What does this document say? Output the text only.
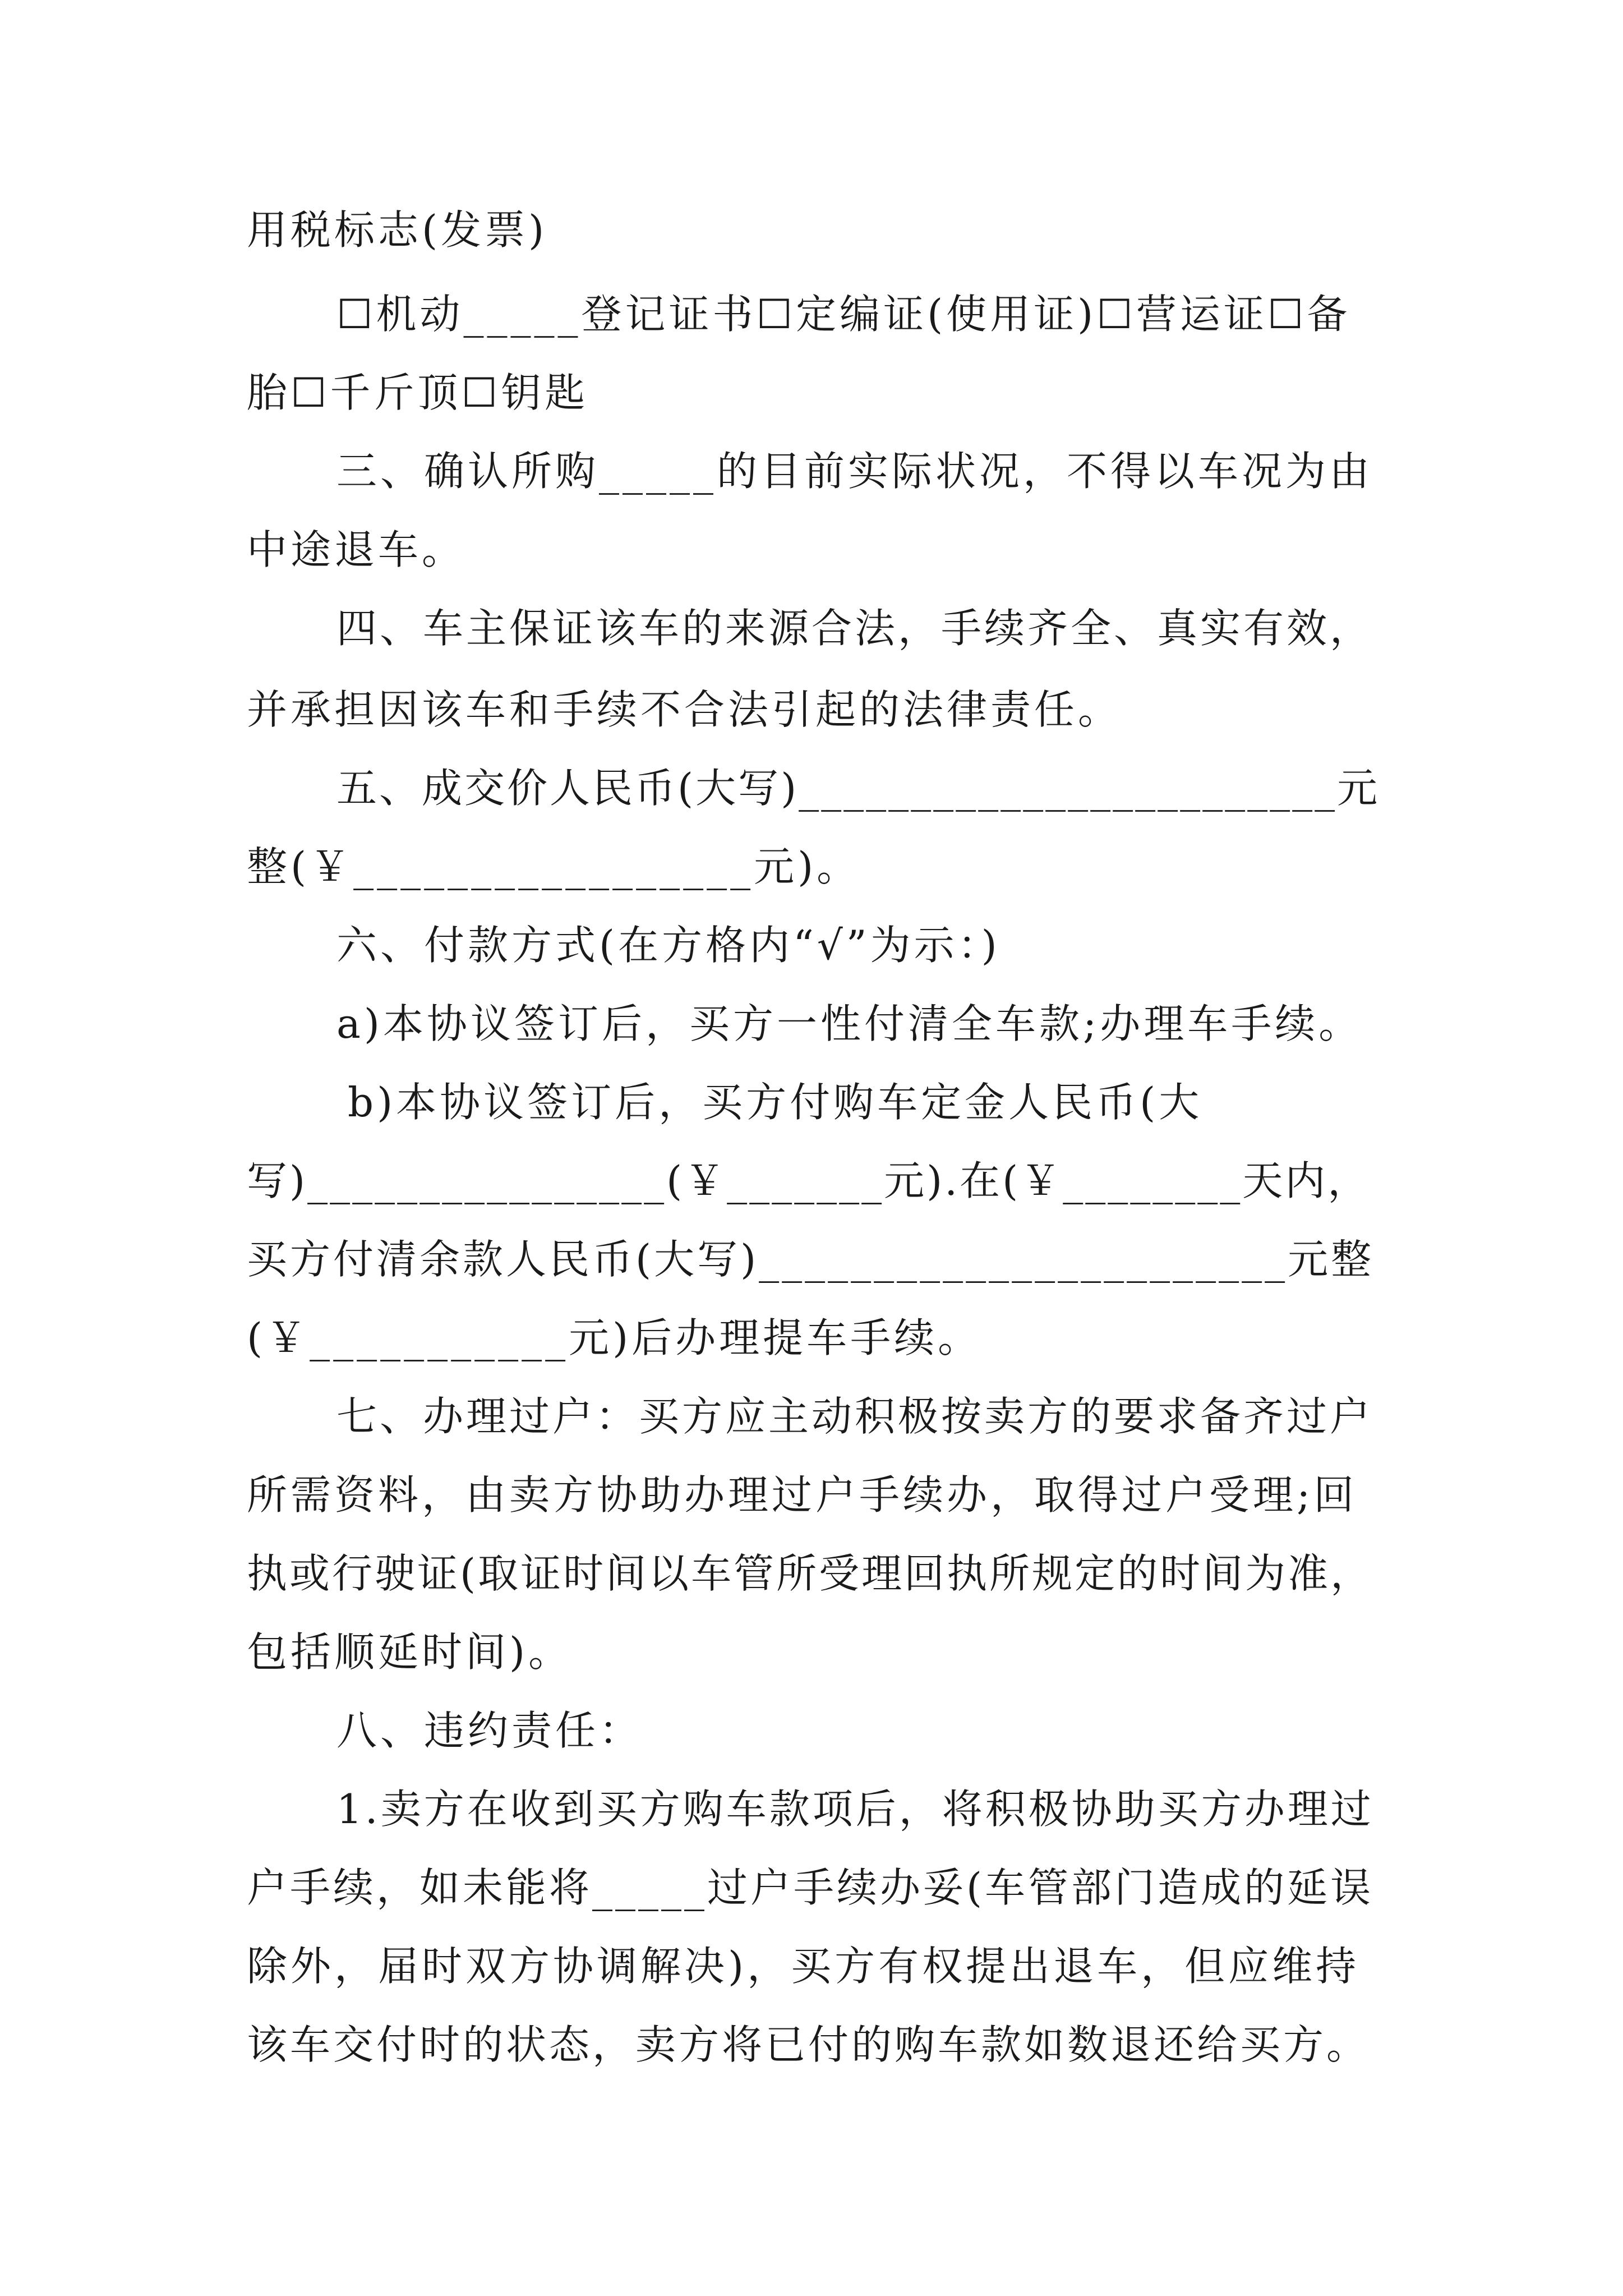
用税标志(发票)
☐机动_____登记证书☐定编证(使用证)☐营运证☐备
胎☐千斤顶☐钥匙
三、确认所购_____的目前实际状况，不得以车况为由
中途退车。
四、车主保证该车的来源合法，手续齐全、真实有效，
并承担因该车和手续不合法引起的法律责任。
五、成交价人民币(大写)________________________元
整(￥_________________元)。
六、付款方式(在方格内“√”为示：)
a)本协议签订后，买方一性付清全车款;办理车手续。
b)本协议签订后，买方付购车定金人民币(大
写)________________(￥_______元).在(￥________天内，
买方付清余款人民币(大写)_______________________元整
(￥___________元)后办理提车手续。
七、办理过户：买方应主动积极按卖方的要求备齐过户
所需资料，由卖方协助办理过户手续办，取得过户受理;回
执或行驶证(取证时间以车管所受理回执所规定的时间为准，
包括顺延时间)。
八、违约责任：
1.卖方在收到买方购车款项后，将积极协助买方办理过
户手续，如未能将_____过户手续办妥(车管部门造成的延误
除外，届时双方协调解决)，买方有权提出退车，但应维持
该车交付时的状态，卖方将已付的购车款如数退还给买方。
